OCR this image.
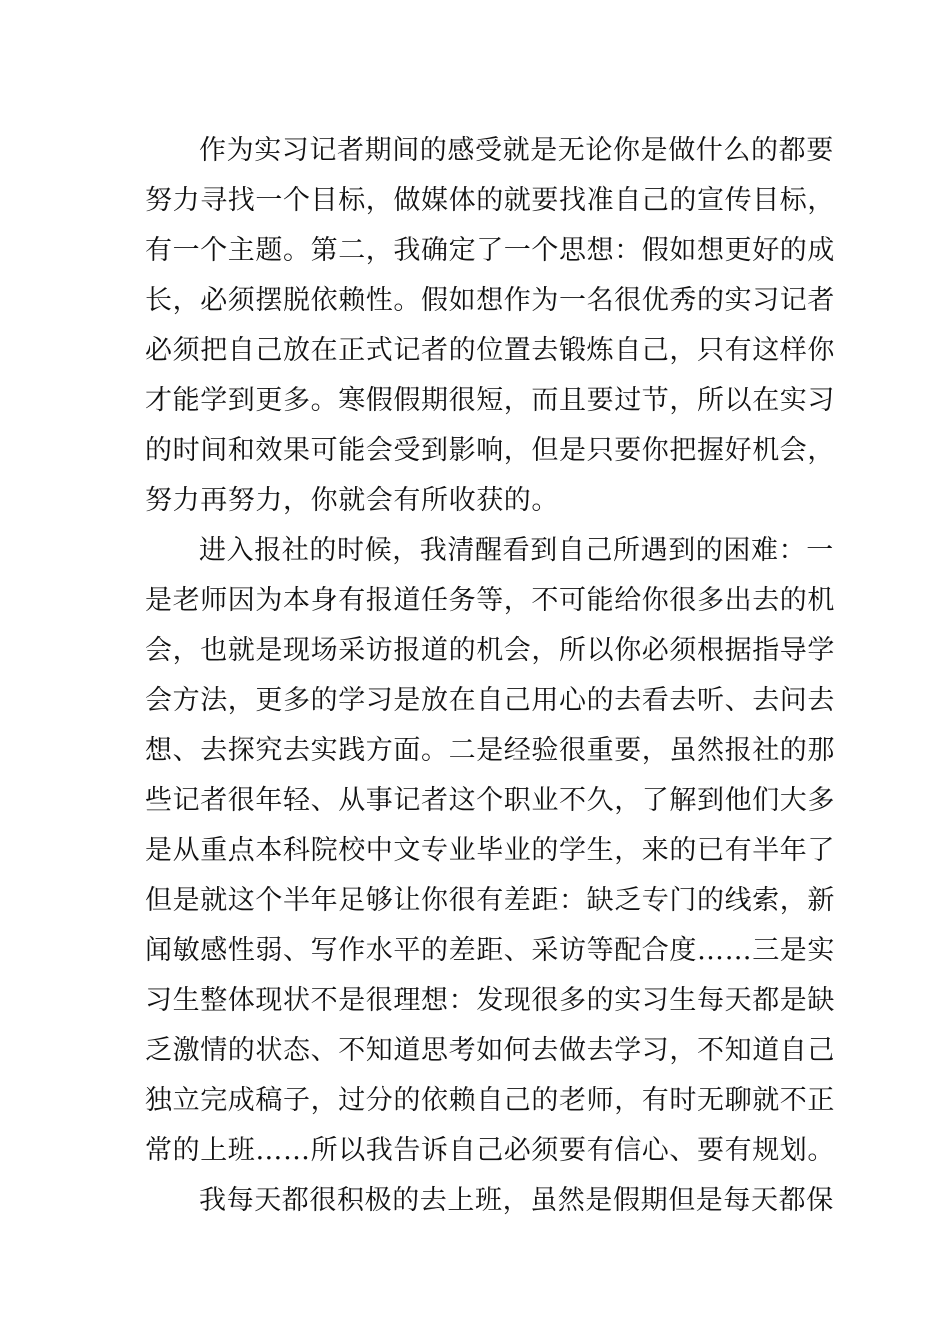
作为实习记者期间的感受就是无论你是做什么的都要
努力寻找一个目标，做媒体的就要找准自己的宣传目标，
有一个主题。第二，我确定了一个思想：假如想更好的成
长，必须摆脱依赖性。假如想作为一名很优秀的实习记者
必须把自己放在正式记者的位置去锻炼自己，只有这样你
才能学到更多。寒假假期很短，而且要过节，所以在实习
的时间和效果可能会受到影响，但是只要你把握好机会，
努力再努力，你就会有所收获的。
进入报社的时候，我清醒看到自己所遇到的困难：一
是老师因为本身有报道任务等，不可能给你很多出去的机
会，也就是现场采访报道的机会，所以你必须根据指导学
会方法，更多的学习是放在自己用心的去看去听、去问去
想、去探究去实践方面。二是经验很重要，虽然报社的那
些记者很年轻、从事记者这个职业不久，了解到他们大多
是从重点本科院校中文专业毕业的学生，来的已有半年了
但是就这个半年足够让你很有差距：缺乏专门的线索，新
闻敏感性弱、写作水平的差距、采访等配合度……三是实
习生整体现状不是很理想：发现很多的实习生每天都是缺
乏激情的状态、不知道思考如何去做去学习，不知道自己
独立完成稿子，过分的依赖自己的老师，有时无聊就不正
常的上班……所以我告诉自己必须要有信心、要有规划。
我每天都很积极的去上班，虽然是假期但是每天都保
